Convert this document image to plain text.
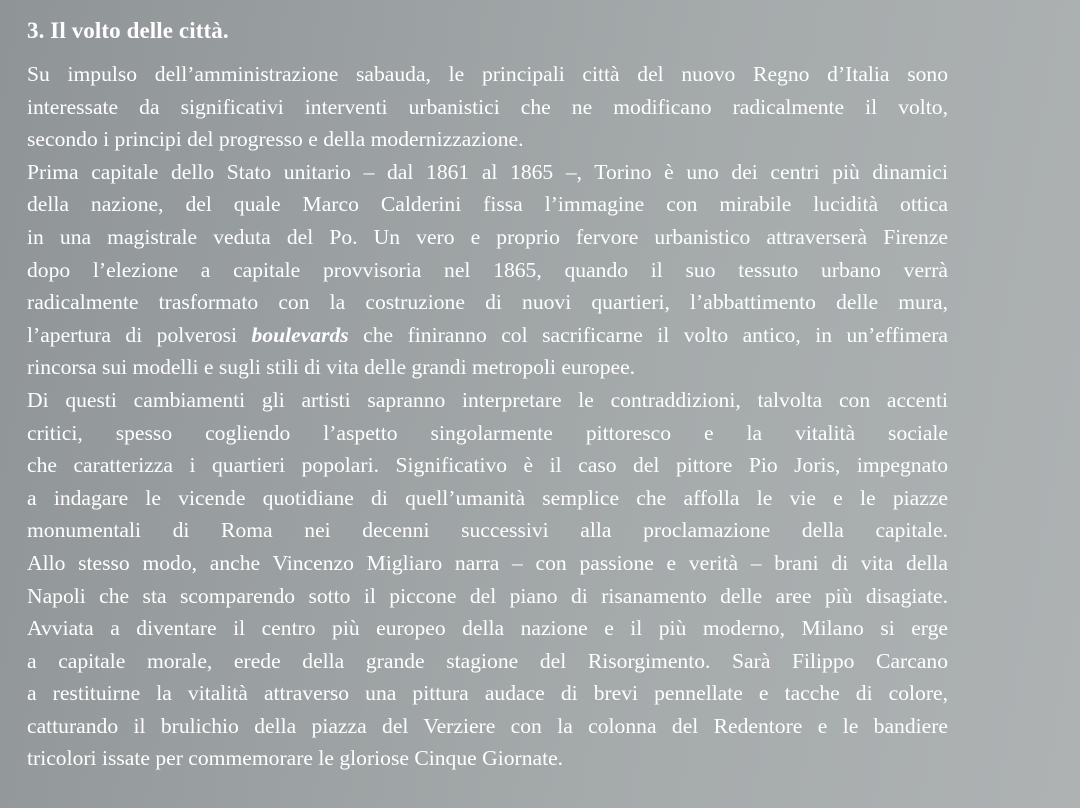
3. Il volto delle città.
Su impulso dell’amministrazione sabauda, le principali città del nuovo Regno d’Italia sono
interessate da significativi interventi urbanistici che ne modificano radicalmente il volto,
secondo i principi del progresso e della modernizzazione.
Prima capitale dello Stato unitario – dal 1861 al 1865 –, Torino è uno dei centri più dinamici
della nazione, del quale Marco Calderini fissa l’immagine con mirabile lucidità ottica
in una magistrale veduta del Po. Un vero e proprio fervore urbanistico attraverserà Firenze
dopo l’elezione a capitale provvisoria nel 1865, quando il suo tessuto urbano verrà
radicalmente trasformato con la costruzione di nuovi quartieri, l’abbattimento delle mura,
l’apertura di polverosi boulevards che finiranno col sacrificarne il volto antico, in un’effimera
rincorsa sui modelli e sugli stili di vita delle grandi metropoli europee.
Di questi cambiamenti gli artisti sapranno interpretare le contraddizioni, talvolta con accenti
critici, spesso cogliendo l’aspetto singolarmente pittoresco e la vitalità sociale
che caratterizza i quartieri popolari. Significativo è il caso del pittore Pio Joris, impegnato
a indagare le vicende quotidiane di quell’umanità semplice che affolla le vie e le piazze
monumentali di Roma nei decenni successivi alla proclamazione della capitale.
Allo stesso modo, anche Vincenzo Migliaro narra – con passione e verità – brani di vita della
Napoli che sta scomparendo sotto il piccone del piano di risanamento delle aree più disagiate.
Avviata a diventare il centro più europeo della nazione e il più moderno, Milano si erge
a capitale morale, erede della grande stagione del Risorgimento. Sarà Filippo Carcano
a restituirne la vitalità attraverso una pittura audace di brevi pennellate e tacche di colore,
catturando il brulichio della piazza del Verziere con la colonna del Redentore e le bandiere
tricolori issate per commemorare le gloriose Cinque Giornate.
